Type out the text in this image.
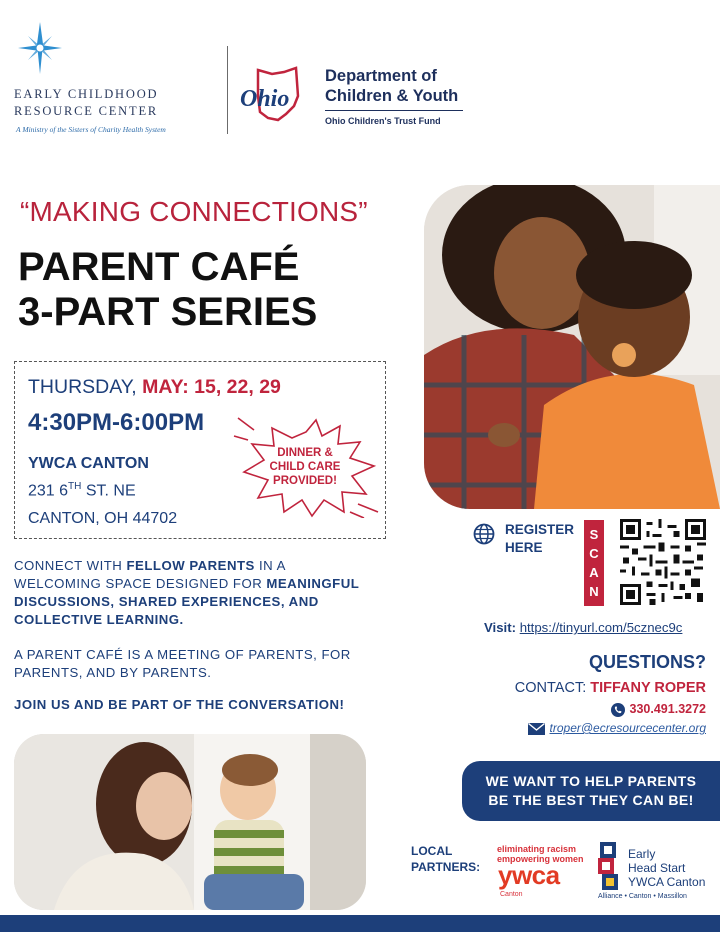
EARLY CHILDHOOD
RESOURCE CENTER
A Ministry of the Sisters of Charity Health System
Ohio
Department of
Children & Youth
Ohio Children's Trust Fund
“MAKING CONNECTIONS”
PARENT CAFÉ
3-PART SERIES
THURSDAY, MAY: 15, 22, 29
4:30PM-6:00PM
YWCA CANTON
231 6TH ST. NE
CANTON, OH 44702
DINNER &
CHILD CARE
PROVIDED!
CONNECT WITH FELLOW PARENTS IN A WELCOMING SPACE DESIGNED FOR MEANINGFUL DISCUSSIONS, SHARED EXPERIENCES, AND COLLECTIVE LEARNING.
A PARENT CAFÉ IS A MEETING OF PARENTS, FOR PARENTS, AND BY PARENTS.
JOIN US AND BE PART OF THE CONVERSATION!
REGISTER
HERE
S
C
A
N
Visit: https://tinyurl.com/5cznec9c
QUESTIONS?
CONTACT: TIFFANY ROPER
330.491.3272
troper@ecresourcecenter.org
WE WANT TO HELP PARENTS
BE THE BEST THEY CAN BE!
LOCAL
PARTNERS:
eliminating racism
empowering women
ywca
Canton
Early
Head Start
YWCA Canton
Alliance • Canton • Massillon
